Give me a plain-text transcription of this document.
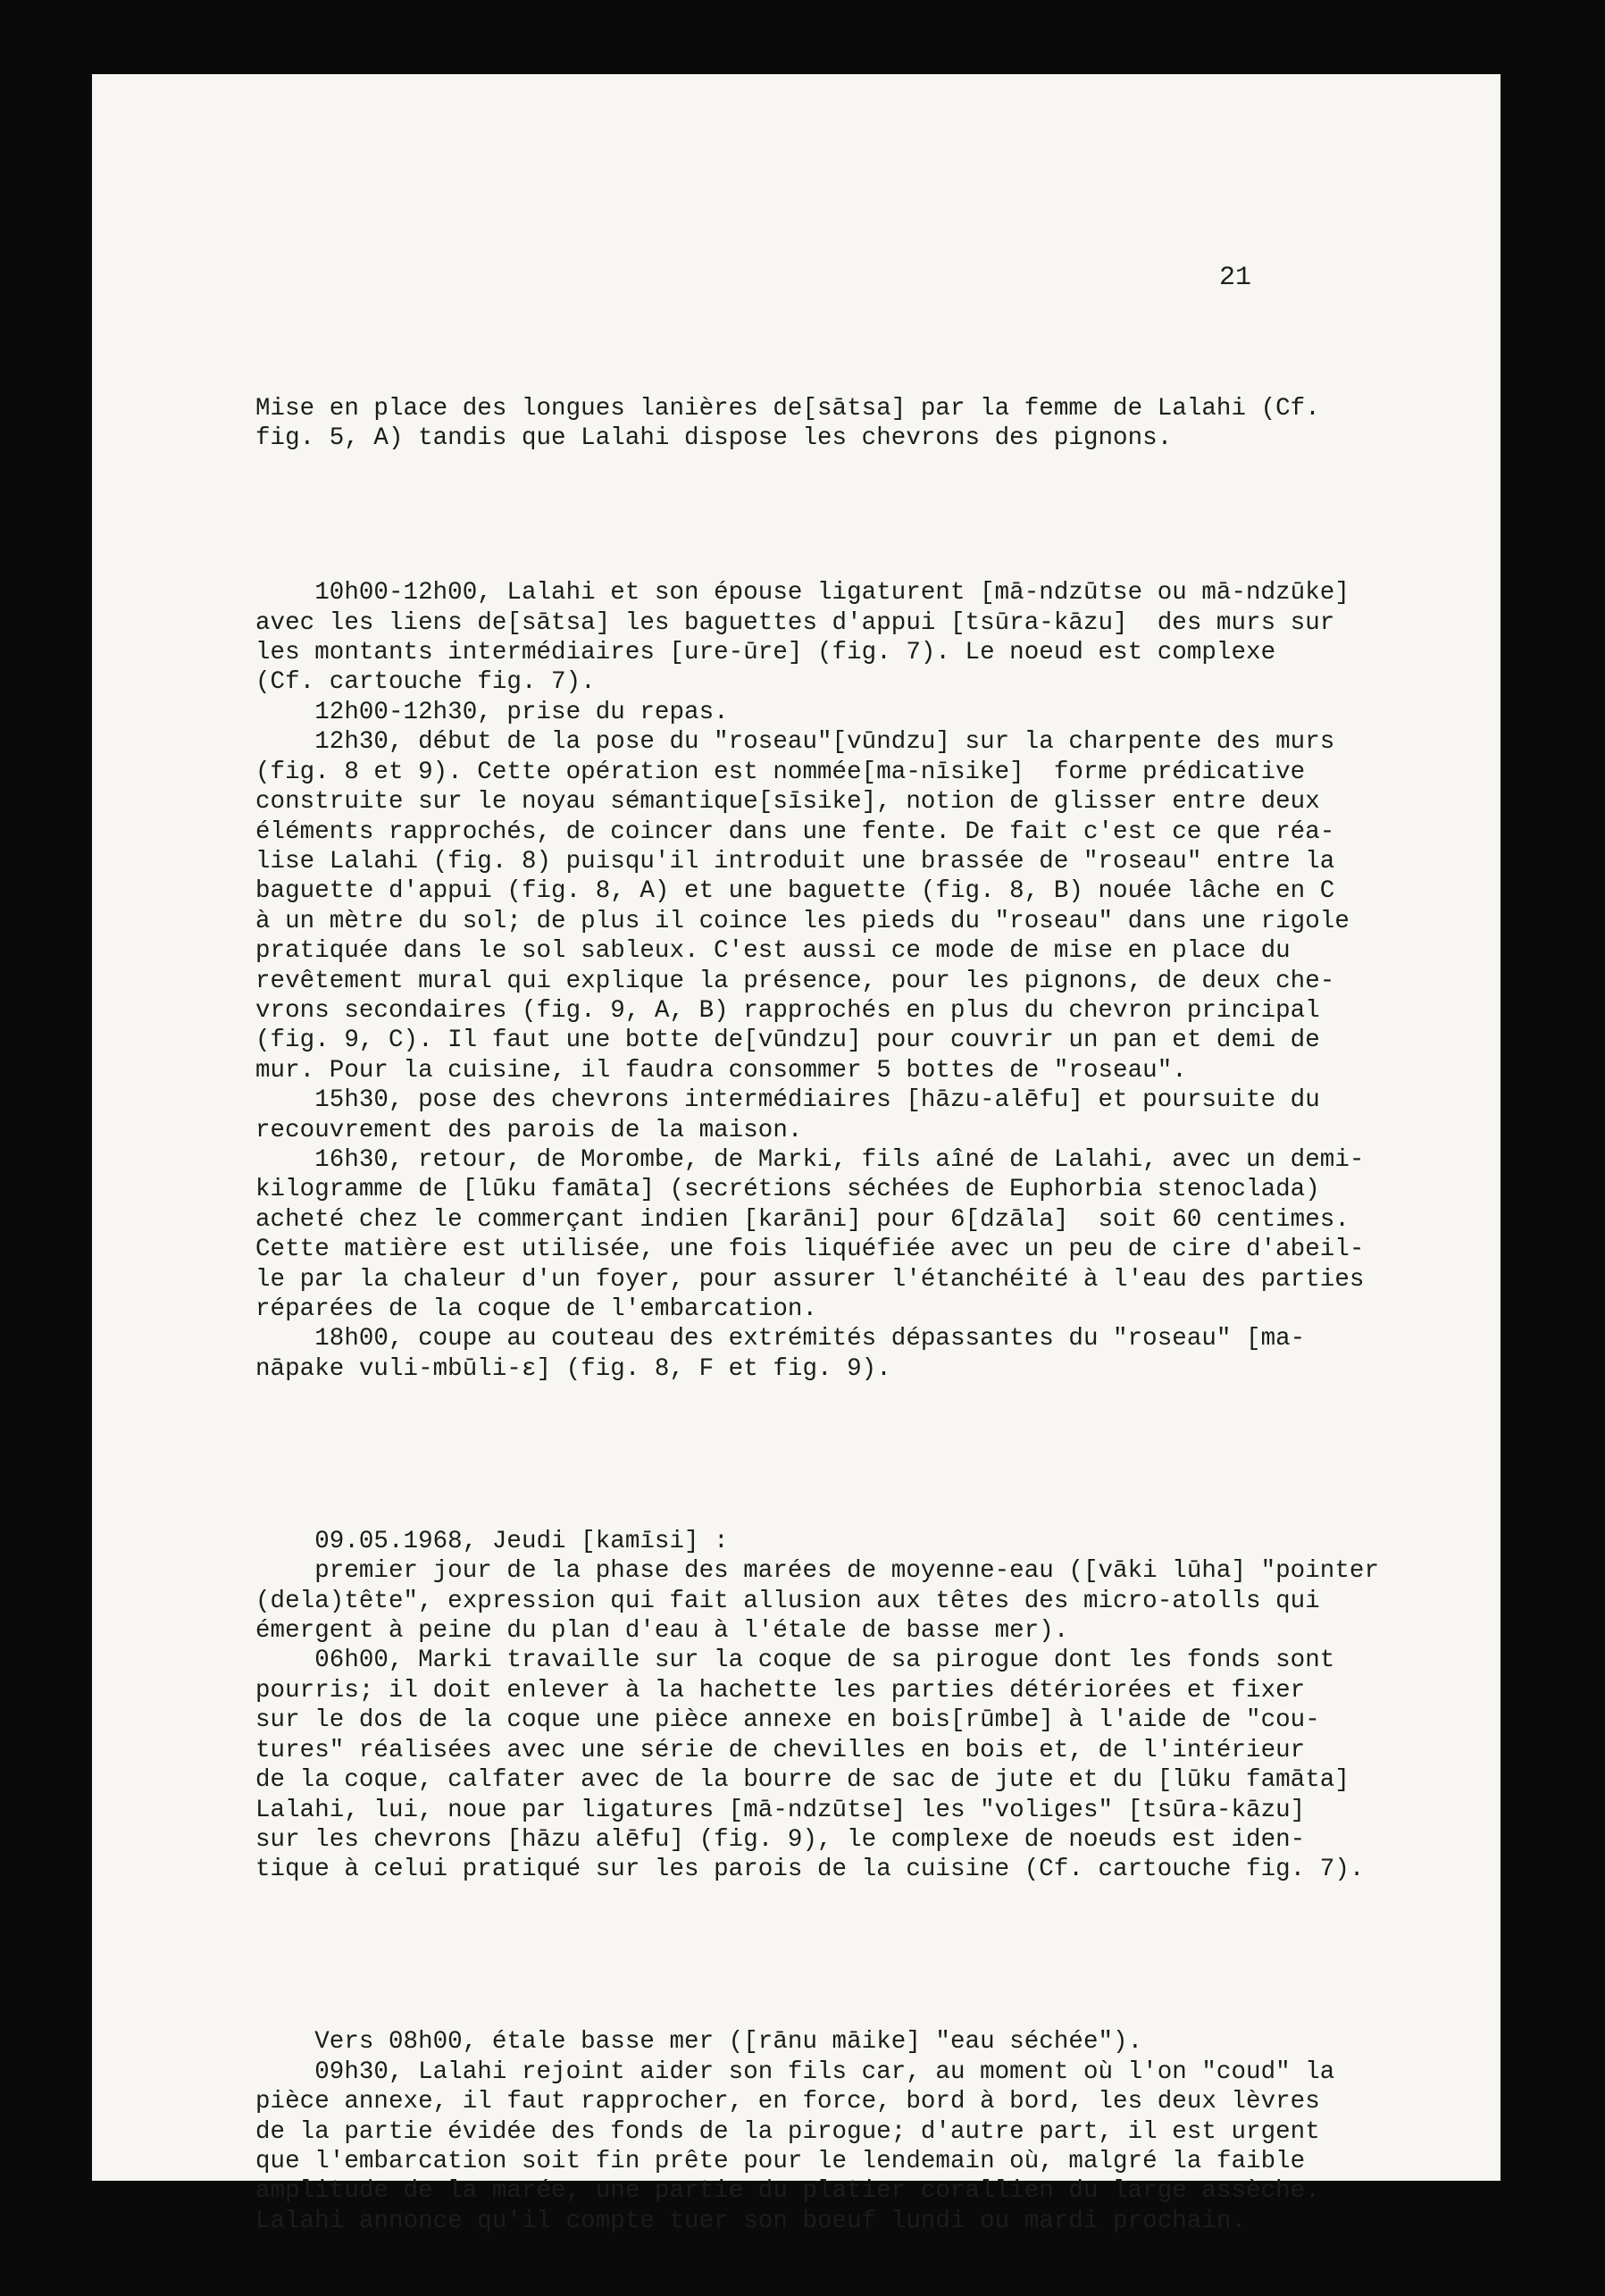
21

Mise en place des longues lanières de[sātsa] par la femme de Lalahi (Cf.
fig. 5, A) tandis que Lalahi dispose les chevrons des pignons.

10h00-12h00, Lalahi et son épouse ligaturent [mā-ndzūtse ou mā-ndzūke]
avec les liens de[sātsa] les baguettes d'appui [tsūra-kāzu]  des murs sur
les montants intermédiaires [ure-ūre] (fig. 7). Le noeud est complexe
(Cf. cartouche fig. 7).
12h00-12h30, prise du repas.
12h30, début de la pose du "roseau"[vūndzu] sur la charpente des murs
(fig. 8 et 9). Cette opération est nommée[ma-nīsike]  forme prédicative
construite sur le noyau sémantique[sīsike], notion de glisser entre deux
éléments rapprochés, de coincer dans une fente. De fait c'est ce que réa-
lise Lalahi (fig. 8) puisqu'il introduit une brassée de "roseau" entre la
baguette d'appui (fig. 8, A) et une baguette (fig. 8, B) nouée lâche en C
à un mètre du sol; de plus il coince les pieds du "roseau" dans une rigole
pratiquée dans le sol sableux. C'est aussi ce mode de mise en place du
revêtement mural qui explique la présence, pour les pignons, de deux che-
vrons secondaires (fig. 9, A, B) rapprochés en plus du chevron principal
(fig. 9, C). Il faut une botte de[vūndzu] pour couvrir un pan et demi de
mur. Pour la cuisine, il faudra consommer 5 bottes de "roseau".
15h30, pose des chevrons intermédiaires [hāzu-alēfu] et poursuite du
recouvrement des parois de la maison.
16h30, retour, de Morombe, de Marki, fils aîné de Lalahi, avec un demi-
kilogramme de [lūku famāta] (secrétions séchées de Euphorbia stenoclada)
acheté chez le commerçant indien [karāni] pour 6[dzāla]  soit 60 centimes.
Cette matière est utilisée, une fois liquéfiée avec un peu de cire d'abeil-
le par la chaleur d'un foyer, pour assurer l'étanchéité à l'eau des parties
réparées de la coque de l'embarcation.
18h00, coupe au couteau des extrémités dépassantes du "roseau" [ma-
nāpake vuli-mbūli-ɛ] (fig. 8, F et fig. 9).

09.05.1968, Jeudi [kamīsi] :
premier jour de la phase des marées de moyenne-eau ([vāki lūha] "pointer
(dela)tête", expression qui fait allusion aux têtes des micro-atolls qui
émergent à peine du plan d'eau à l'étale de basse mer).
06h00, Marki travaille sur la coque de sa pirogue dont les fonds sont
pourris; il doit enlever à la hachette les parties détériorées et fixer
sur le dos de la coque une pièce annexe en bois[rūmbe] à l'aide de "cou-
tures" réalisées avec une série de chevilles en bois et, de l'intérieur
de la coque, calfater avec de la bourre de sac de jute et du [lūku famāta]
Lalahi, lui, noue par ligatures [mā-ndzūtse] les "voliges" [tsūra-kāzu]
sur les chevrons [hāzu alēfu] (fig. 9), le complexe de noeuds est iden-
tique à celui pratiqué sur les parois de la cuisine (Cf. cartouche fig. 7).

Vers 08h00, étale basse mer ([rānu māike] "eau séchée").
09h30, Lalahi rejoint aider son fils car, au moment où l'on "coud" la
pièce annexe, il faut rapprocher, en force, bord à bord, les deux lèvres
de la partie évidée des fonds de la pirogue; d'autre part, il est urgent
que l'embarcation soit fin prête pour le lendemain où, malgré la faible
amplitude de la marée, une partie du platier corallien du large assèche.
Lalahi annonce qu'il compte tuer son boeuf lundi ou mardi prochain.
